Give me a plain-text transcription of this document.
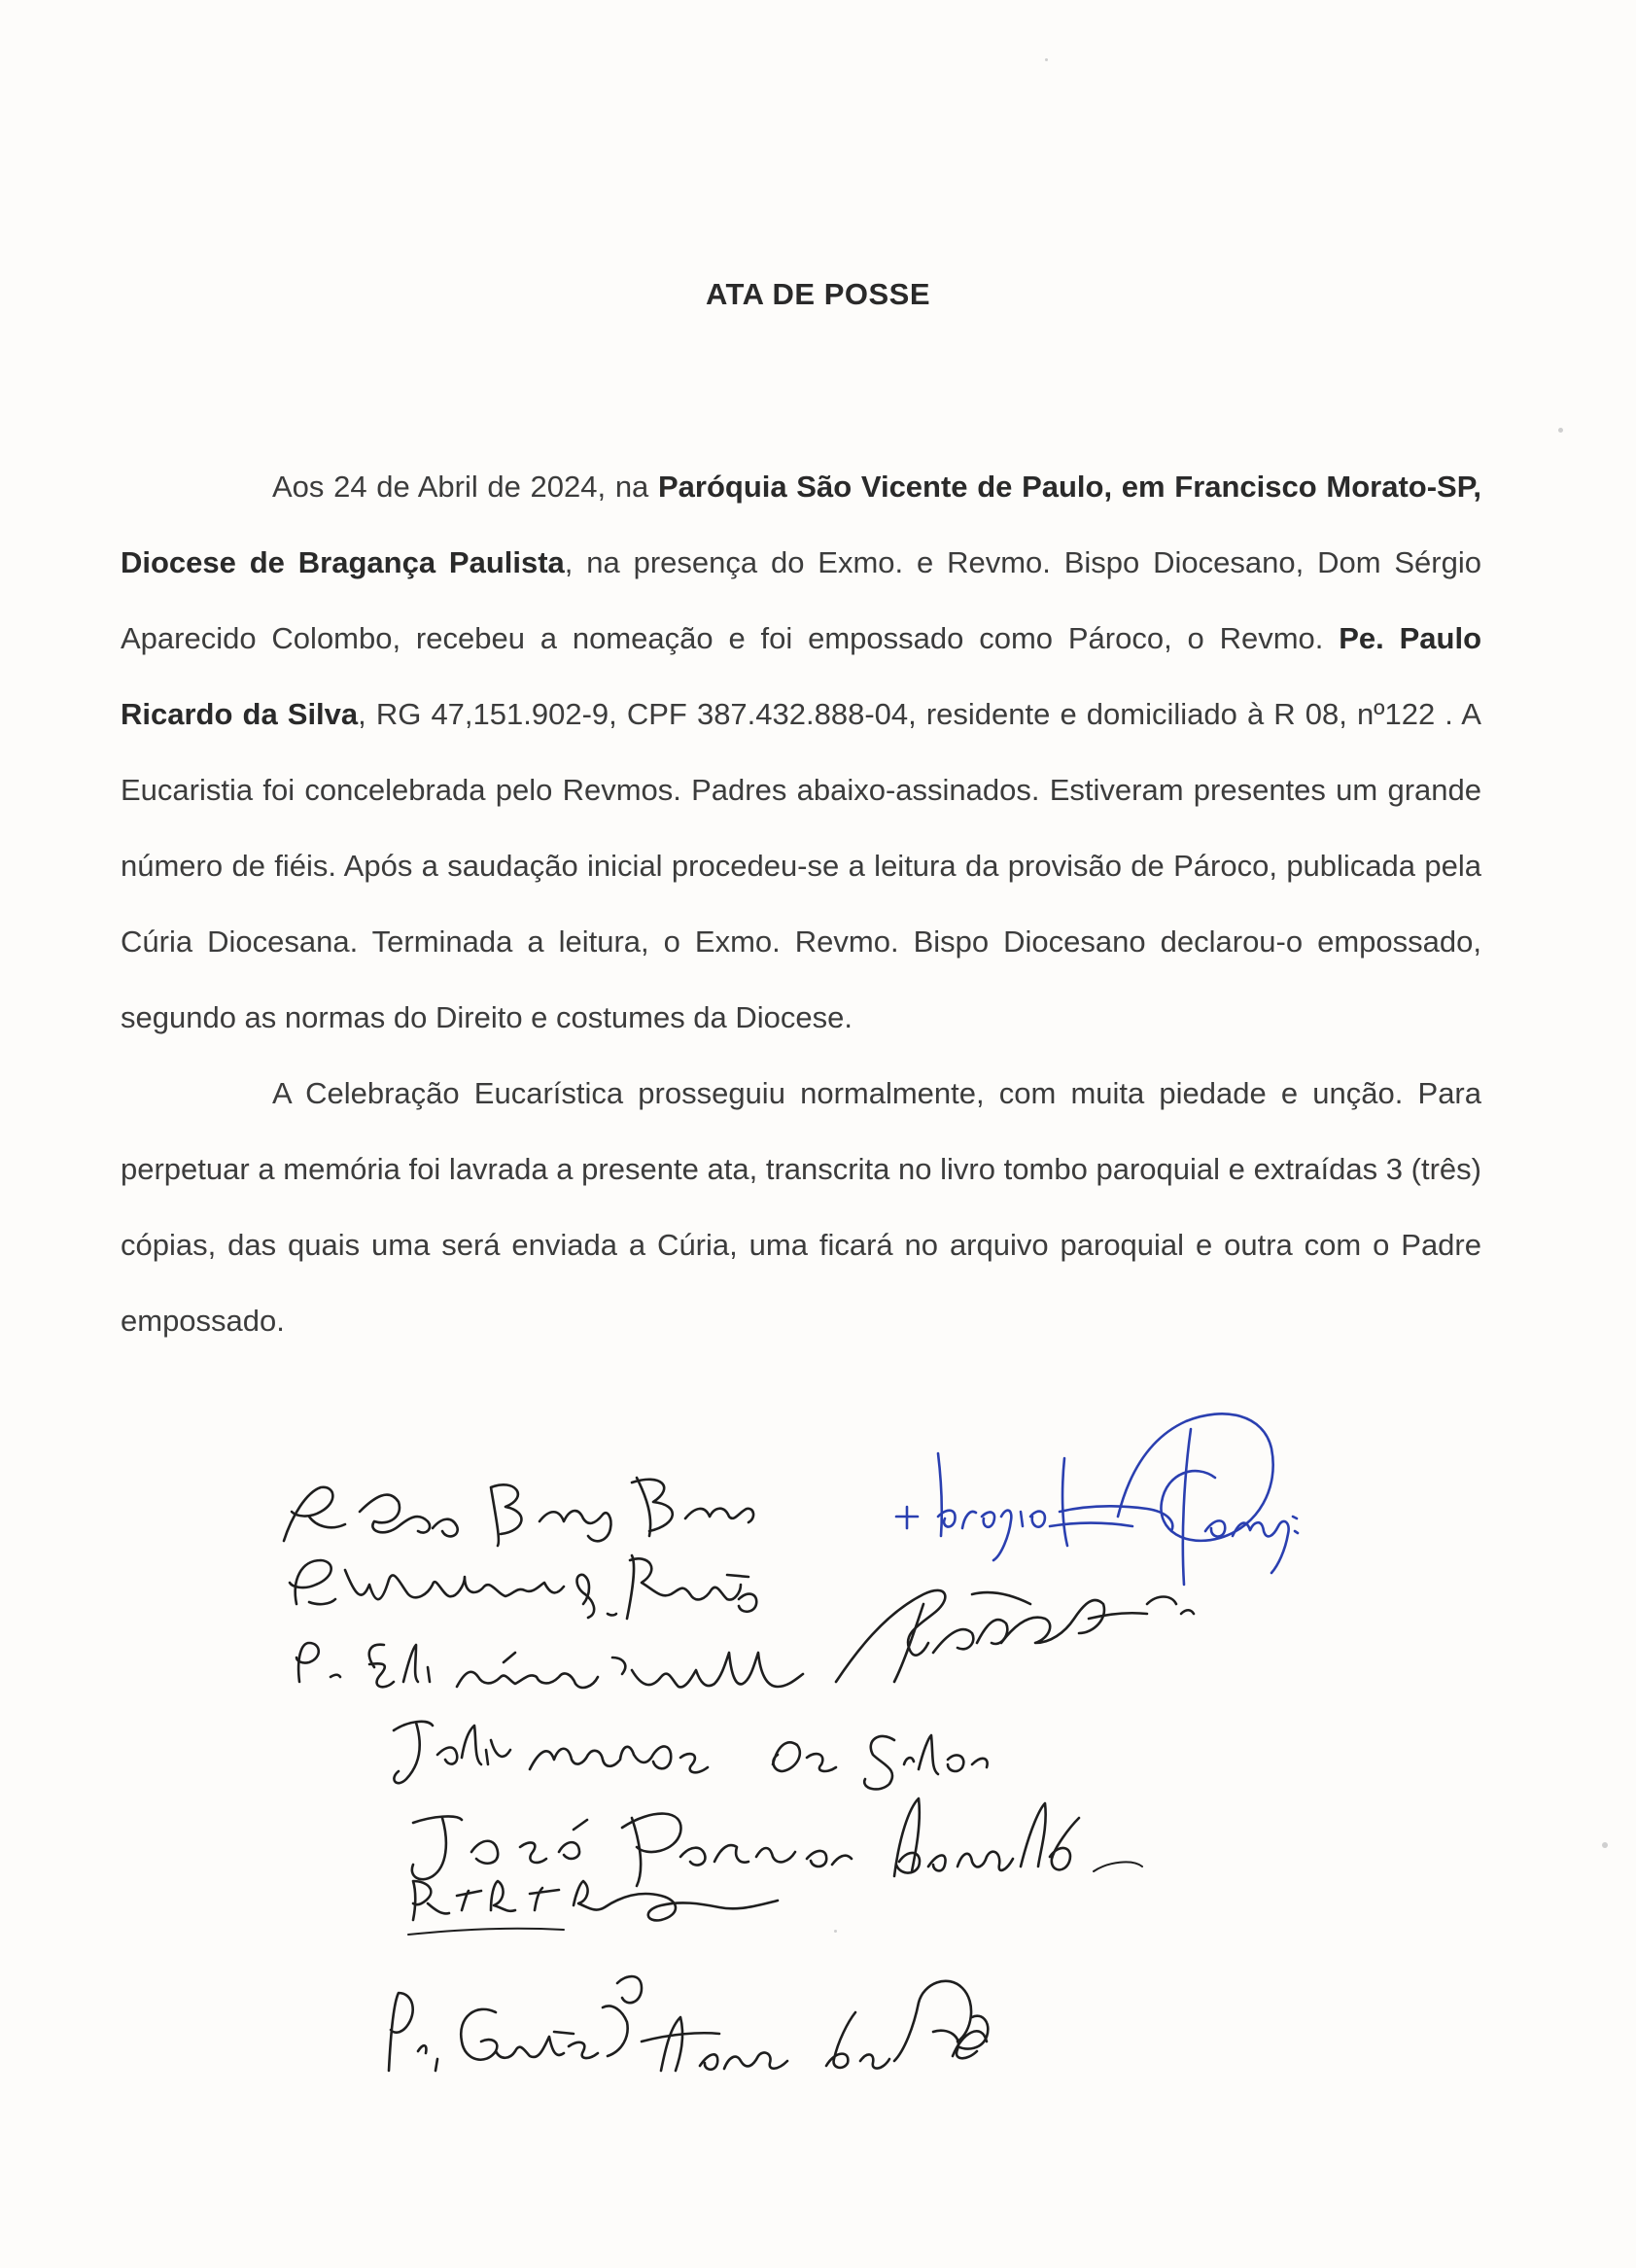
ATA DE POSSE

Aos 24 de Abril de 2024, na Paróquia São Vicente de Paulo, em Francisco Morato-SP, Diocese de Bragança Paulista, na presença do Exmo. e Revmo. Bispo Diocesano, Dom Sérgio Aparecido Colombo, recebeu a nomeação e foi empossado como Pároco, o Revmo. Pe. Paulo Ricardo da Silva, RG 47,151.902-9, CPF 387.432.888-04, residente e domiciliado à R 08, nº122 . A Eucaristia foi concelebrada pelo Revmos. Padres abaixo-assinados. Estiveram presentes um grande número de fiéis. Após a saudação inicial procedeu-se a leitura da provisão de Pároco, publicada pela Cúria Diocesana. Terminada a leitura, o Exmo. Revmo. Bispo Diocesano declarou-o empossado, segundo as normas do Direito e costumes da Diocese.

A Celebração Eucarística prosseguiu normalmente, com muita piedade e unção. Para perpetuar a memória foi lavrada a presente ata, transcrita no livro tombo paroquial e extraídas 3 (três) cópias, das quais uma será enviada a Cúria, uma ficará no arquivo paroquial e outra com o Padre empossado.
